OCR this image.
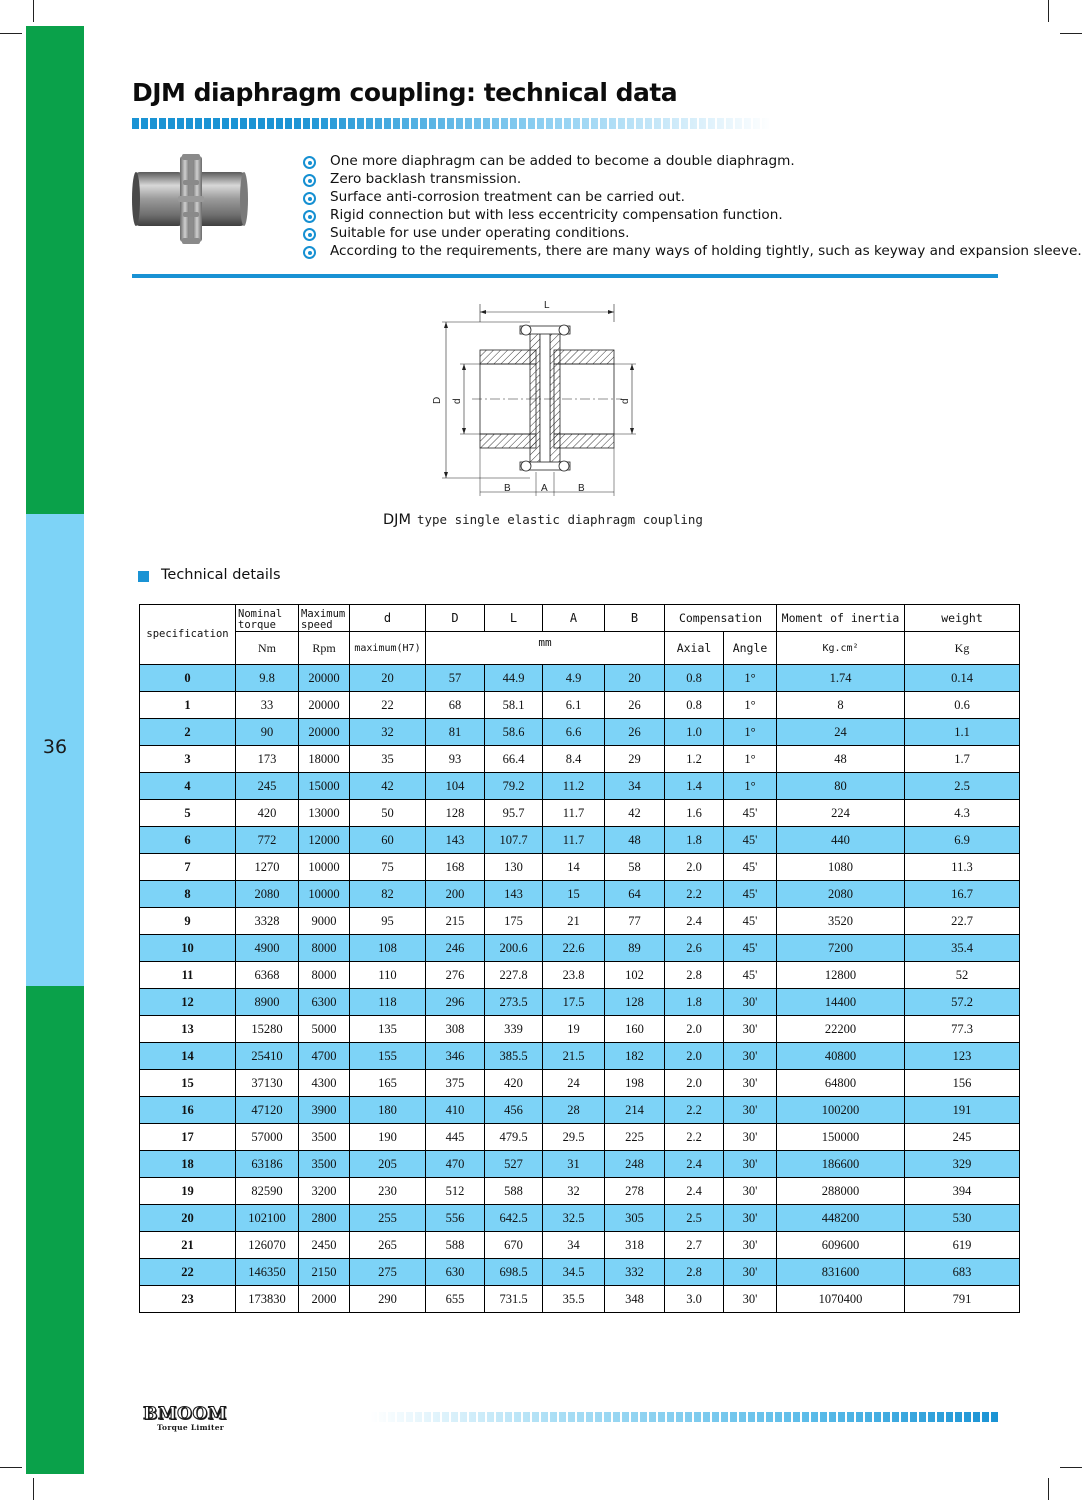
36
DJM diaphragm coupling: technical data
One more diaphragm can be added to become a double diaphragm.
Zero backlash transmission.
Surface anti-corrosion treatment can be carried out.
Rigid connection but with less eccentricity compensation function.
Suitable for use under operating conditions.
According to the requirements, there are many ways of holding tightly, such as keyway and expansion sleeve.
L
D d	d
B	A	B
DJM type single elastic diaphragm coupling
Technical details
specification	Nominal torque	Maximum speed	d	D	L	A	B	Compensation		Moment of inertia	weight
	Nm	Rpm	maximum(H7)	mm				Axial	Angle	Kg.cm²	Kg
0	9.8	20000	20	57	44.9	4.9	20	0.8	1°	1.74	0.14
1	33	20000	22	68	58.1	6.1	26	0.8	1°	8	0.6
2	90	20000	32	81	58.6	6.6	26	1.0	1°	24	1.1
3	173	18000	35	93	66.4	8.4	29	1.2	1°	48	1.7
4	245	15000	42	104	79.2	11.2	34	1.4	1°	80	2.5
5	420	13000	50	128	95.7	11.7	42	1.6	45'	224	4.3
6	772	12000	60	143	107.7	11.7	48	1.8	45'	440	6.9
7	1270	10000	75	168	130	14	58	2.0	45'	1080	11.3
8	2080	10000	82	200	143	15	64	2.2	45'	2080	16.7
9	3328	9000	95	215	175	21	77	2.4	45'	3520	22.7
10	4900	8000	108	246	200.6	22.6	89	2.6	45'	7200	35.4
11	6368	8000	110	276	227.8	23.8	102	2.8	45'	12800	52
12	8900	6300	118	296	273.5	17.5	128	1.8	30'	14400	57.2
13	15280	5000	135	308	339	19	160	2.0	30'	22200	77.3
14	25410	4700	155	346	385.5	21.5	182	2.0	30'	40800	123
15	37130	4300	165	375	420	24	198	2.0	30'	64800	156
16	47120	3900	180	410	456	28	214	2.2	30'	100200	191
17	57000	3500	190	445	479.5	29.5	225	2.2	30'	150000	245
18	63186	3500	205	470	527	31	248	2.4	30'	186600	329
19	82590	3200	230	512	588	32	278	2.4	30'	288000	394
20	102100	2800	255	556	642.5	32.5	305	2.5	30'	448200	530
21	126070	2450	265	588	670	34	318	2.7	30'	609600	619
22	146350	2150	275	630	698.5	34.5	332	2.8	30'	831600	683
23	173830	2000	290	655	731.5	35.5	348	3.0	30'	1070400	791
BMOOM
Torque Limiter
